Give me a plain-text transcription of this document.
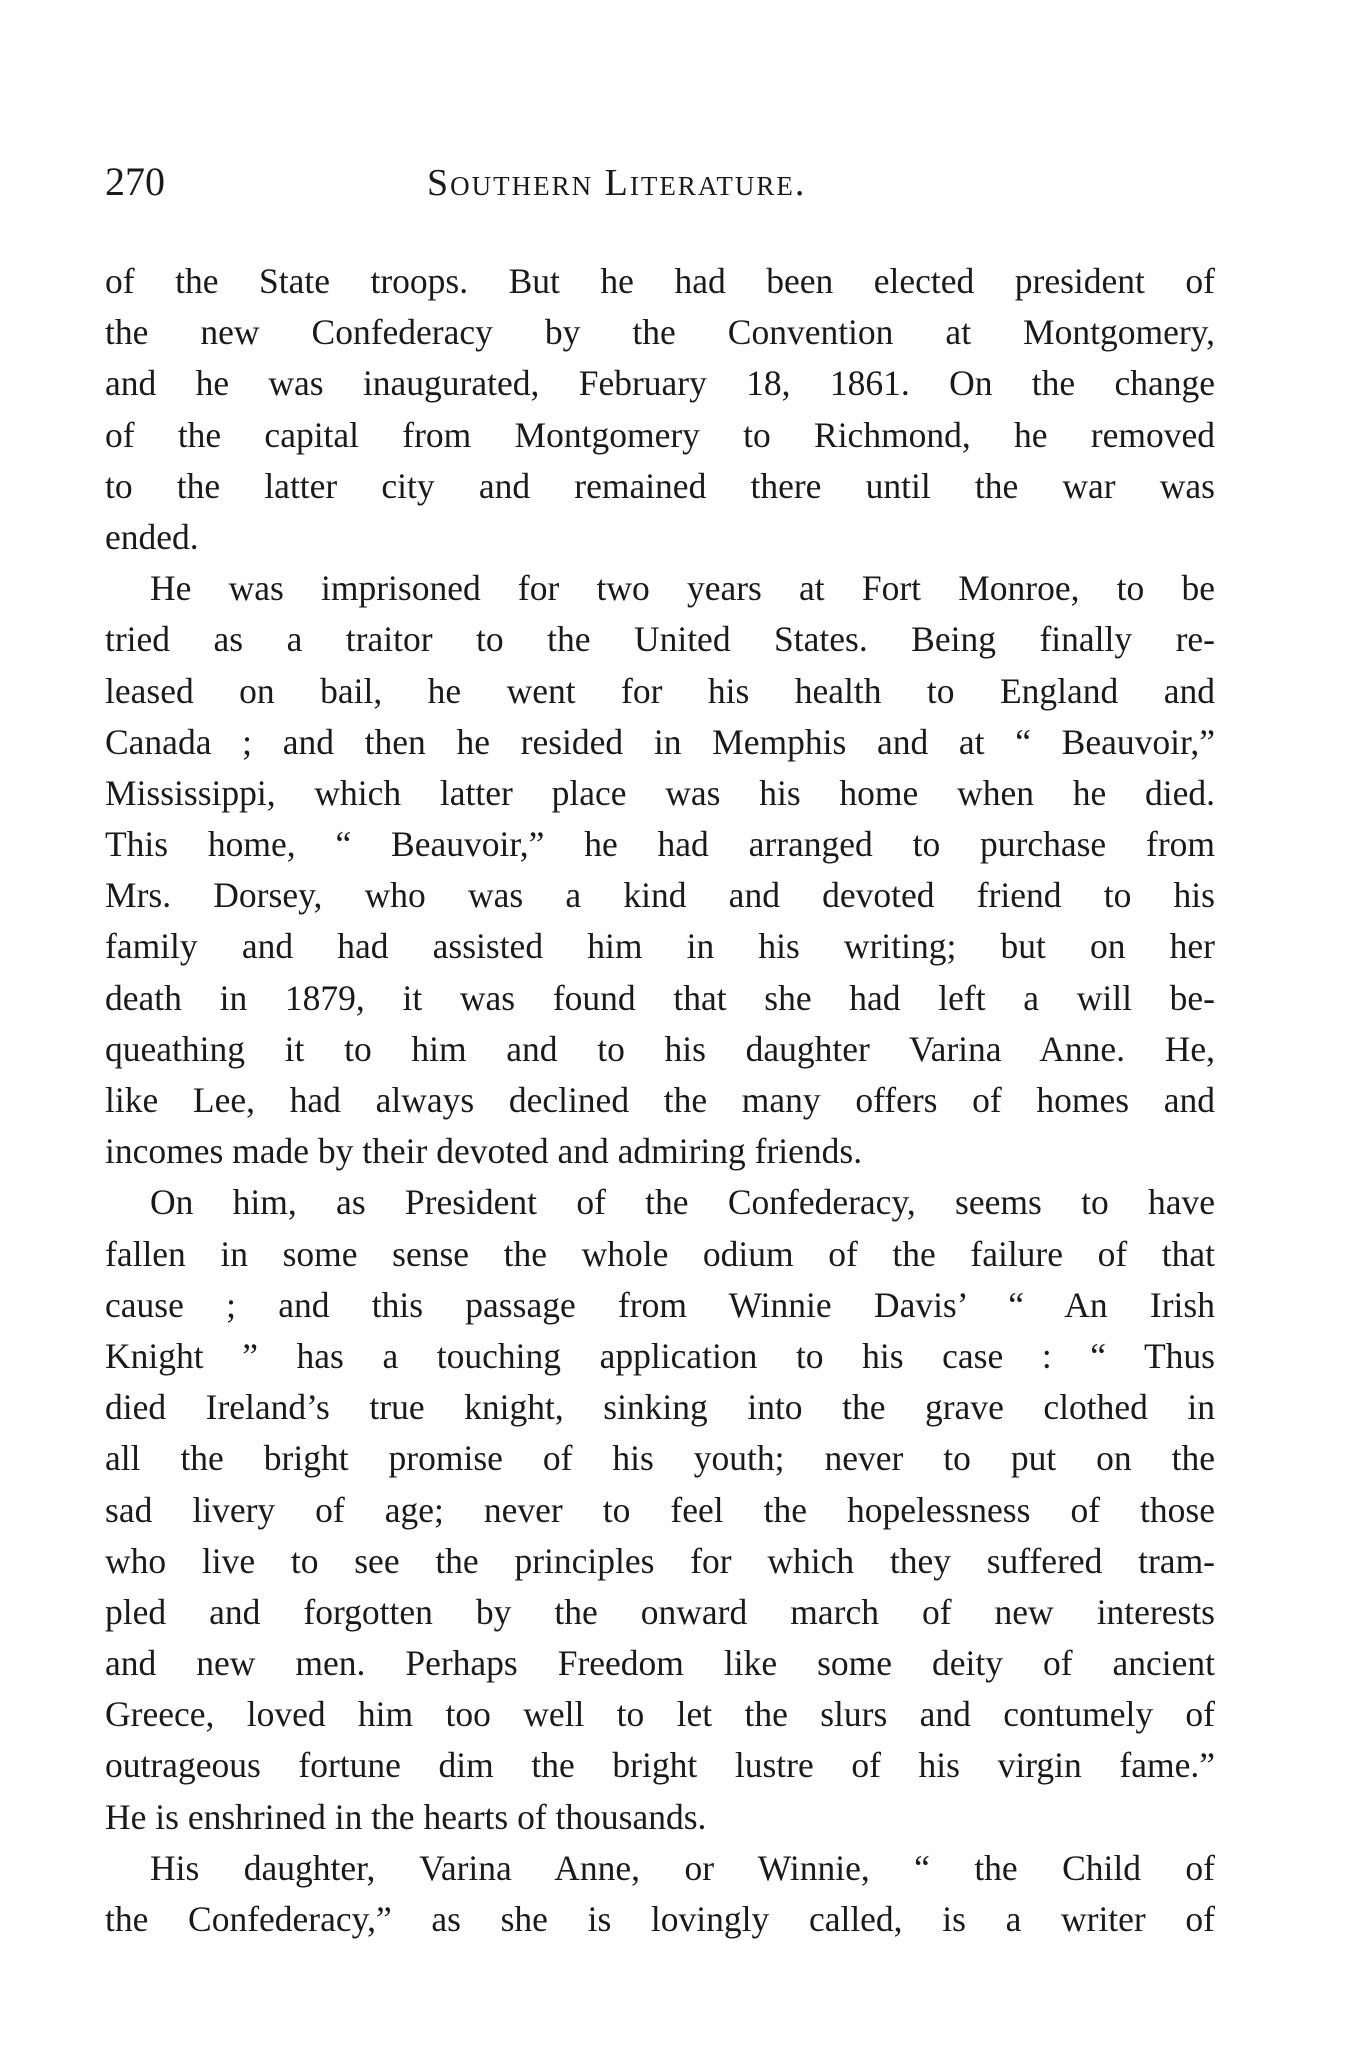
270	Southern Literature.
of the State troops. But he had been elected president of
the new Confederacy by the Convention at Montgomery,
and he was inaugurated, February 18, 1861. On the change
of the capital from Montgomery to Richmond, he removed
to the latter city and remained there until the war was
ended.
He was imprisoned for two years at Fort Monroe, to be
tried as a traitor to the United States. Being finally re-
leased on bail, he went for his health to England and
Canada ; and then he resided in Memphis and at “ Beauvoir,”
Mississippi, which latter place was his home when he died.
This home, “ Beauvoir,” he had arranged to purchase from
Mrs. Dorsey, who was a kind and devoted friend to his
family and had assisted him in his writing; but on her
death in 1879, it was found that she had left a will be-
queathing it to him and to his daughter Varina Anne. He,
like Lee, had always declined the many offers of homes and
incomes made by their devoted and admiring friends.
On him, as President of the Confederacy, seems to have
fallen in some sense the whole odium of the failure of that
cause ; and this passage from Winnie Davis’ “ An Irish
Knight ” has a touching application to his case : “ Thus
died Ireland’s true knight, sinking into the grave clothed in
all the bright promise of his youth; never to put on the
sad livery of age; never to feel the hopelessness of those
who live to see the principles for which they suffered tram-
pled and forgotten by the onward march of new interests
and new men. Perhaps Freedom like some deity of ancient
Greece, loved him too well to let the slurs and contumely of
outrageous fortune dim the bright lustre of his virgin fame.”
He is enshrined in the hearts of thousands.
His daughter, Varina Anne, or Winnie, “ the Child of
the Confederacy,” as she is lovingly called, is a writer of
